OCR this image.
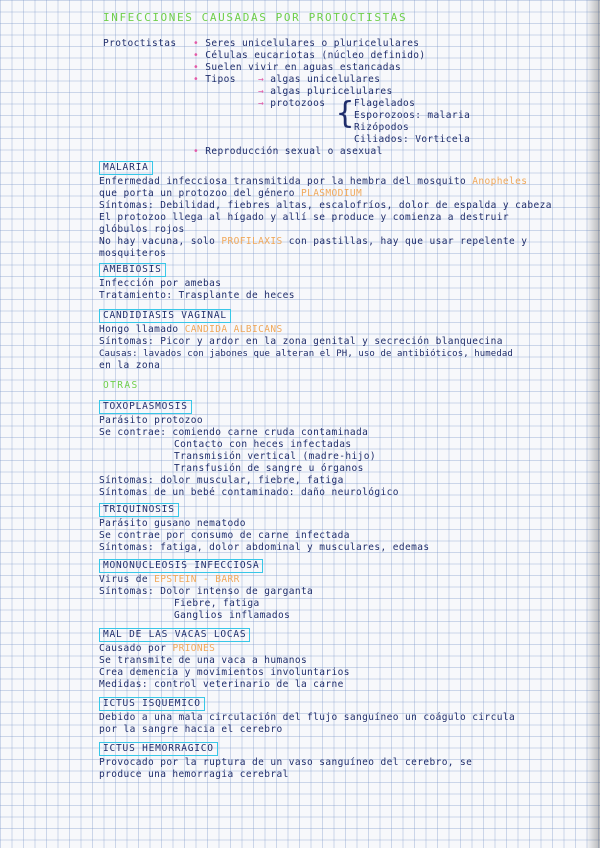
INFECCIONES CAUSADAS POR PROTOCTISTAS
Protoctistas • Seres unicelulares o pluricelulares
• Células eucariotas (núcleo definido)
• Suelen vivir en aguas estancadas
• Tipos → algas unicelulares
→ algas pluricelulares
→ protozoos { Flagelados
Esporozoos: malaria
Rizópodos
Ciliados: Vorticela
• Reproducción sexual o asexual
MALARIA
Enfermedad infecciosa transmitida por la hembra del mosquito Anopheles
que porta un protozoo del género PLASMODIUM
Síntomas: Debilidad, fiebres altas, escalofríos, dolor de espalda y cabeza
El protozoo llega al hígado y allí se produce y comienza a destruir
glóbulos rojos
No hay vacuna, solo PROFILAXIS con pastillas, hay que usar repelente y
mosquiteros
AMEBIOSIS
Infección por amebas
Tratamiento: Trasplante de heces
CANDIDIASIS VAGINAL
Hongo llamado CANDIDA ALBICANS
Síntomas: Picor y ardor en la zona genital y secreción blanquecina
Causas: lavados con jabones que alteran el PH, uso de antibióticos, humedad
en la zona
OTRAS
TOXOPLASMOSIS
Parásito protozoo
Se contrae: comiendo carne cruda contaminada
Contacto con heces infectadas
Transmisión vertical (madre-hijo)
Transfusión de sangre u órganos
Síntomas: dolor muscular, fiebre, fatiga
Síntomas de un bebé contaminado: daño neurológico
TRIQUINOSIS
Parásito gusano nematodo
Se contrae por consumo de carne infectada
Síntomas: fatiga, dolor abdominal y musculares, edemas
MONONUCLEOSIS INFECCIOSA
Virus de EPSTEIN - BARR
Síntomas: Dolor intenso de garganta
Fiebre, fatiga
Ganglios inflamados
MAL DE LAS VACAS LOCAS
Causado por PRIONES
Se transmite de una vaca a humanos
Crea demencia y movimientos involuntarios
Medidas: control veterinario de la carne
ICTUS ISQUEMICO
Debido a una mala circulación del flujo sanguíneo un coágulo circula
por la sangre hacia el cerebro
ICTUS HEMORRAGICO
Provocado por la ruptura de un vaso sanguíneo del cerebro, se
produce una hemorragia cerebral
